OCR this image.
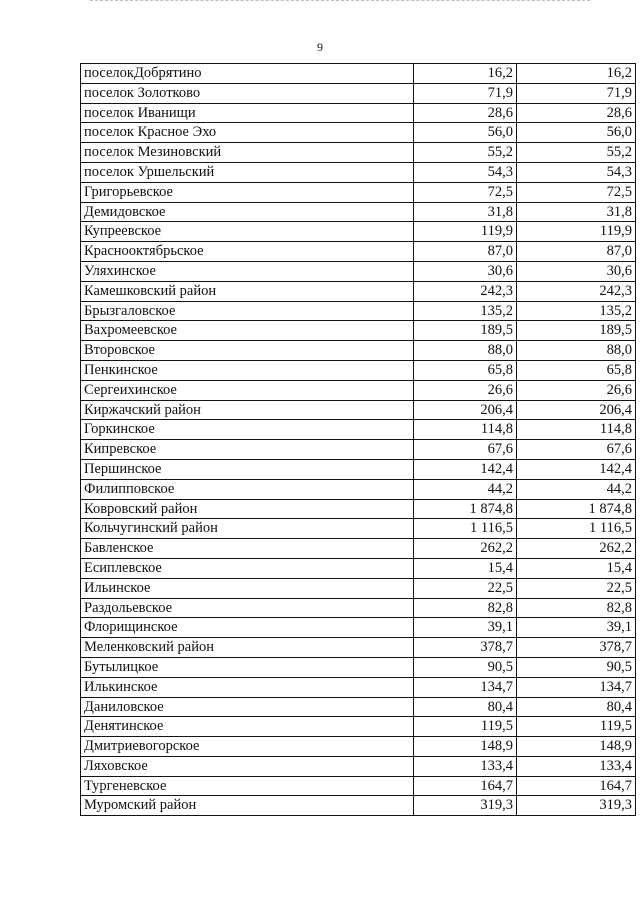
9
поселокДобрятино	16,2	16,2
поселок Золотково	71,9	71,9
поселок Иванищи	28,6	28,6
поселок Красное Эхо	56,0	56,0
поселок Мезиновский	55,2	55,2
поселок Уршельский	54,3	54,3
Григорьевское	72,5	72,5
Демидовское	31,8	31,8
Купреевское	119,9	119,9
Краснооктябрьское	87,0	87,0
Уляхинское	30,6	30,6
Камешковский район	242,3	242,3
Брызгаловское	135,2	135,2
Вахромеевское	189,5	189,5
Второвское	88,0	88,0
Пенкинское	65,8	65,8
Сергеихинское	26,6	26,6
Киржачский район	206,4	206,4
Горкинское	114,8	114,8
Кипревское	67,6	67,6
Першинское	142,4	142,4
Филипповское	44,2	44,2
Ковровский район	1 874,8	1 874,8
Кольчугинский район	1 116,5	1 116,5
Бавленское	262,2	262,2
Есиплевское	15,4	15,4
Ильинское	22,5	22,5
Раздольевское	82,8	82,8
Флорищинское	39,1	39,1
Меленковский район	378,7	378,7
Бутылицкое	90,5	90,5
Илькинское	134,7	134,7
Даниловское	80,4	80,4
Денятинское	119,5	119,5
Дмитриевогорское	148,9	148,9
Ляховское	133,4	133,4
Тургеневское	164,7	164,7
Муромский район	319,3	319,3
